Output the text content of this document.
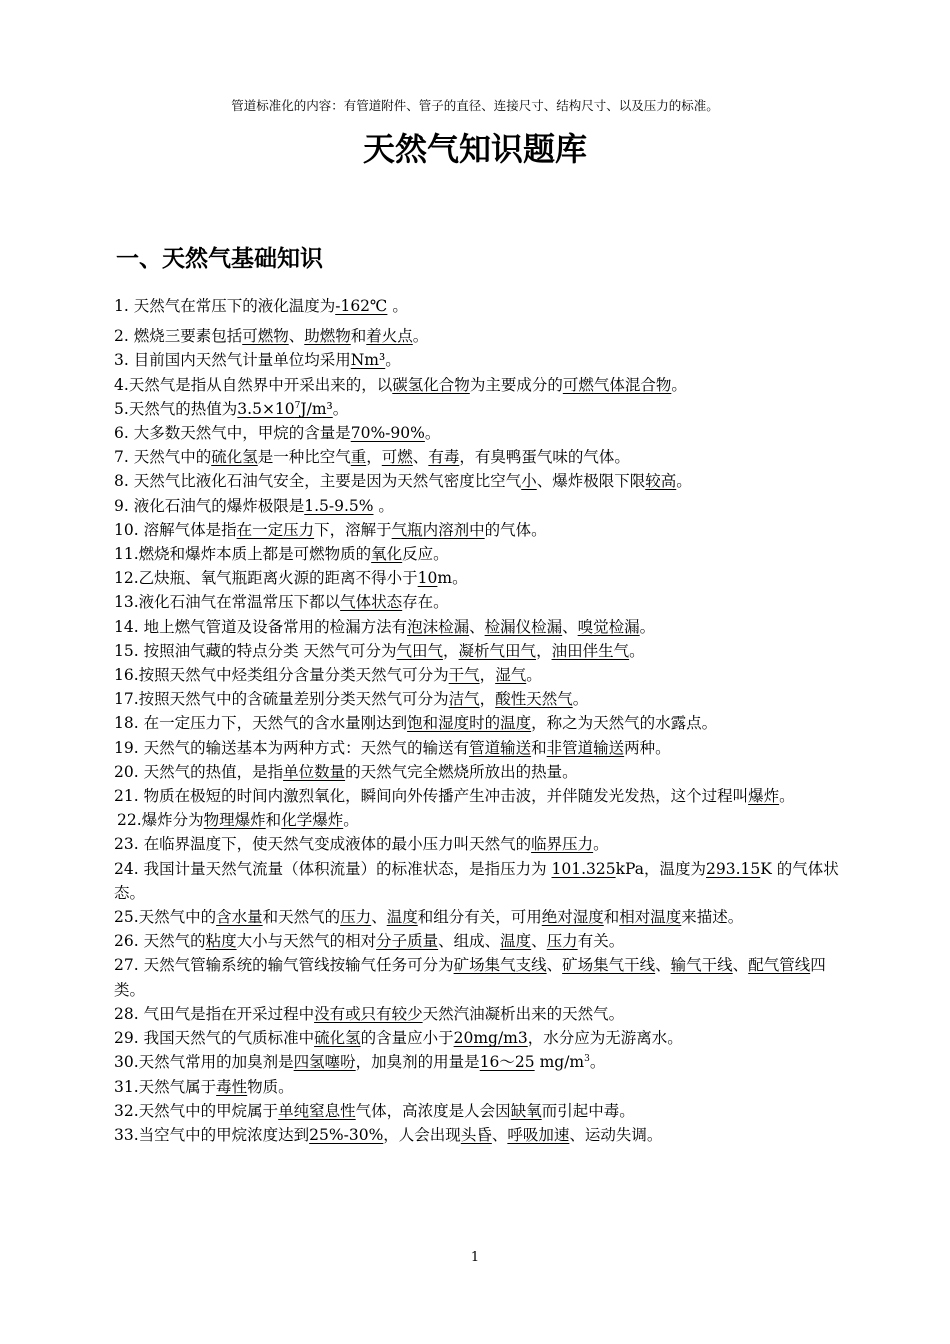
管道标准化的内容：有管道附件、管子的直径、连接尺寸、结构尺寸、以及压力的标准。
天然气知识题库
一、天然气基础知识

1. 天然气在常压下的液化温度为-162℃ 。

2. 燃烧三要素包括可燃物、助燃物和着火点。

3. 目前国内天然气计量单位均采用Nm³。

4.天然气是指从自然界中开采出来的，以碳氢化合物为主要成分的可燃气体混合物。

5.天然气的热值为$3.5\times 10^7J/m^3$。

6. 大多数天然气中，甲烷的含量是70%-90%。

7. 天然气中的硫化氢是一种比空气重，可燃、有毒，有臭鸭蛋气味的气体。

8. 天然气比液化石油气安全，主要是因为天然气密度比空气小、爆炸极限下限较高。

9. 液化石油气的爆炸极限是1.5-9.5% 。

10. 溶解气体是指在一定压力下，溶解于气瓶内溶剂中的气体。

11.燃烧和爆炸本质上都是可燃物质的氧化反应。

12.乙炔瓶、氧气瓶距离火源的距离不得小于10m。

13.液化石油气在常温常压下都以气体状态存在。

14. 地上燃气管道及设备常用的检漏方法有泡沫检漏、检漏仪检漏、嗅觉检漏。

15. 按照油气藏的特点分类 天然气可分为气田气，凝析气田气，油田伴生气。

16.按照天然气中烃类组分含量分类天然气可分为干气，湿气。

17.按照天然气中的含硫量差别分类天然气可分为洁气，酸性天然气。

18. 在一定压力下，天然气的含水量刚达到饱和湿度时的温度，称之为天然气的水露点。

19. 天然气的输送基本为两种方式：天然气的输送有管道输送和非管道输送两种。

20. 天然气的热值，是指单位数量的天然气完全燃烧所放出的热量。

21. 物质在极短的时间内激烈氧化，瞬间向外传播产生冲击波，并伴随发光发热，这个过程叫爆炸。

22.爆炸分为物理爆炸和化学爆炸。

23. 在临界温度下，使天然气变成液体的最小压力叫天然气的临界压力。

24. 我国计量天然气流量（体积流量）的标准状态，是指压力为 101.325kPa，温度为293.15K 的气体状态。

25.天然气中的含水量和天然气的压力、温度和组分有关，可用绝对湿度和相对温度来描述。

26. 天然气的粘度大小与天然气的相对分子质量、组成、温度、压力有关。

27. 天然气管输系统的输气管线按输气任务可分为矿场集气支线、矿场集气干线、输气干线、配气管线四类。

28. 气田气是指在开采过程中没有或只有较少天然汽油凝析出来的天然气。

29. 我国天然气的气质标准中硫化氢的含量应小于20mg/m3，水分应为无游离水。

30.天然气常用的加臭剂是四氢噻吩，加臭剂的用量是16～25 $mg/m^3$。

31.天然气属于毒性物质。

32.天然气中的甲烷属于单纯窒息性气体，高浓度是人会因缺氧而引起中毒。

33.当空气中的甲烷浓度达到25%-30%，人会出现头昏、呼吸加速、运动失调。

1
